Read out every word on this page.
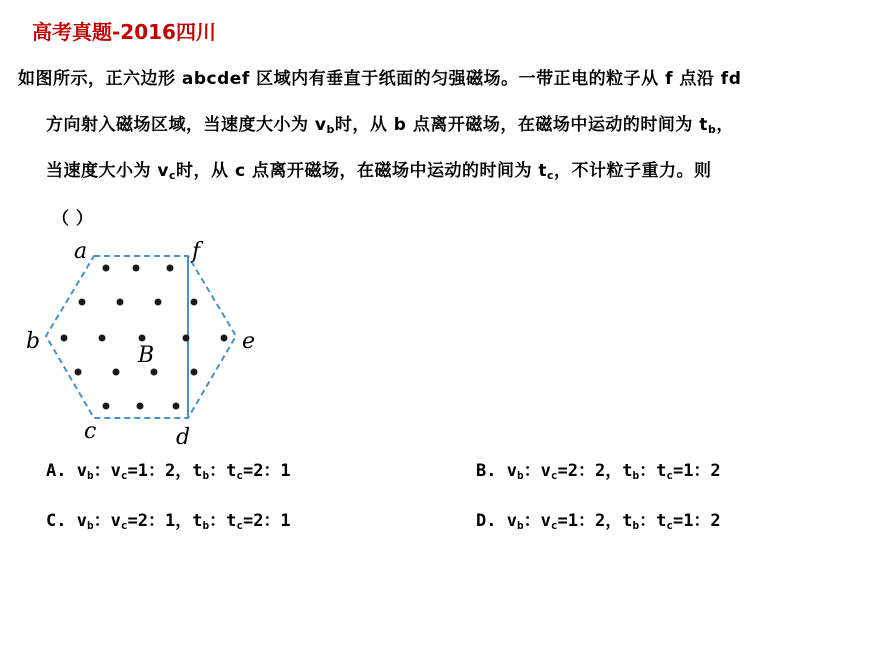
高考真题-2016四川
如图所示，正六边形 abcdef 区域内有垂直于纸面的匀强磁场。一带正电的粒子从 f 点沿 fd
方向射入磁场区域，当速度大小为 $v_b$时，从 b 点离开磁场，在磁场中运动的时间为 $t_b$，
当速度大小为 $v_c$时，从 c 点离开磁场，在磁场中运动的时间为 $t_c$，不计粒子重力。则
（ ）
a	f
b	e
c	d
B
A. $v_b$：$v_c=1$：2，$t_b$：$t_c=2$：1	B. $v_b$：$v_c=2$：2，$t_b$：$t_c=1$：2
C. $v_b$：$v_c=2$：1，$t_b$：$t_c=2$：1	D. $v_b$：$v_c=1$：2，$t_b$：$t_c=1$：2
